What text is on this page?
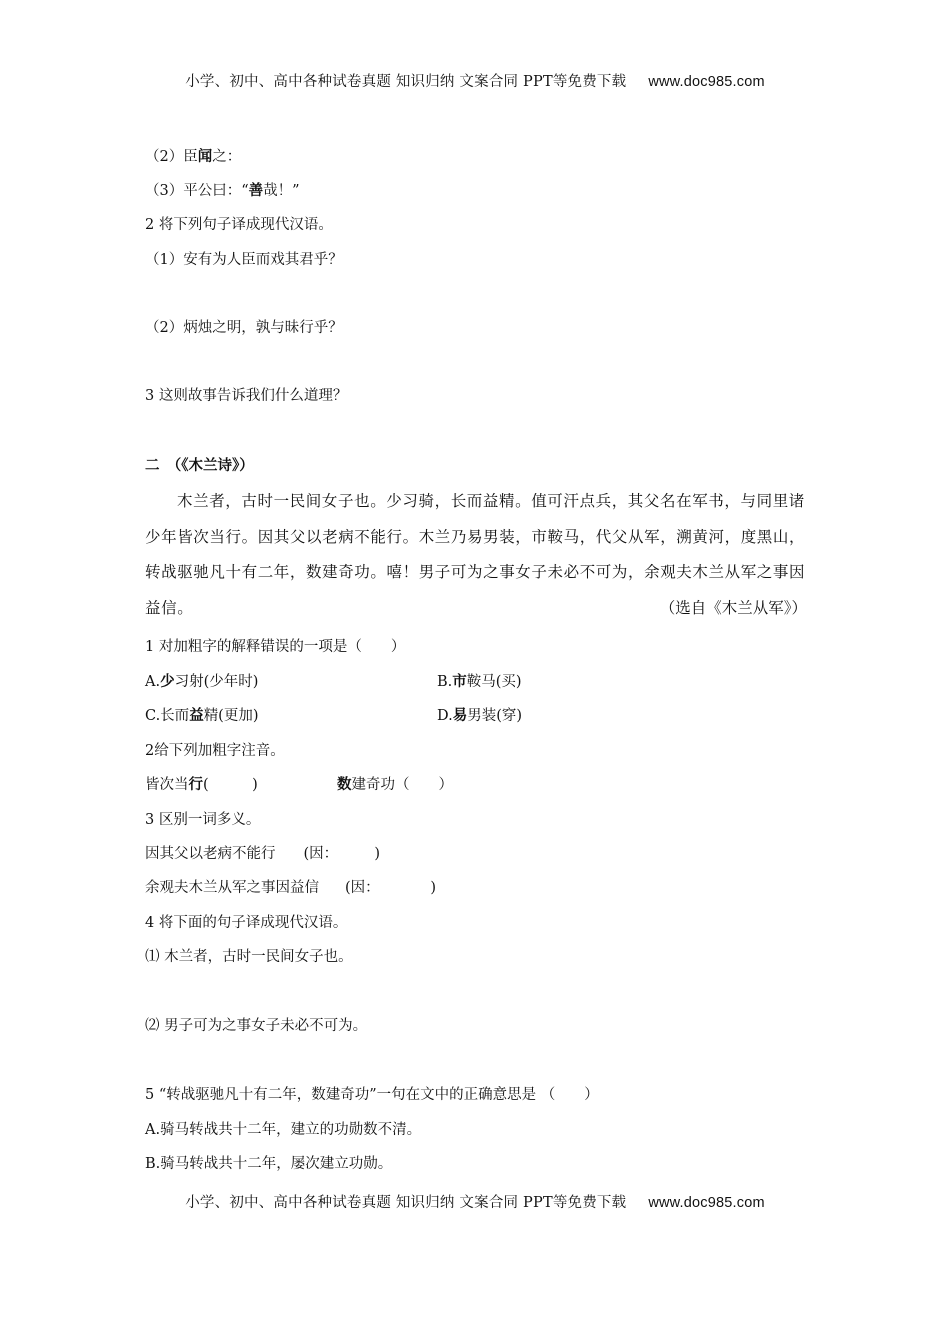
小学、初中、高中各种试卷真题 知识归纳 文案合同 PPT等免费下载 www.doc985.com
（2）臣闻之：
（3）平公曰：“善哉！”
2 将下列句子译成现代汉语。
（1）安有为人臣而戏其君乎？
（2）炳烛之明，孰与昧行乎？
3 这则故事告诉我们什么道理？
二　（《木兰诗》）
木兰者，古时一民间女子也。少习骑，长而益精。值可汗点兵，其父名在军书，与同里诸少年皆次当行。因其父以老病不能行。木兰乃易男装，市鞍马，代父从军，溯黄河，度黑山，转战驱驰凡十有二年，数建奇功。嘻！男子可为之事女子未必不可为，余观夫木兰从军之事因益信。	（选自《木兰从军》）
1 对加粗字的解释错误的一项是（　　）
A.少习射(少年时)	B.市鞍马(买)
C.长而益精(更加)	D.易男装(穿)
2给下列加粗字注音。
皆次当行(　　　)	数建奇功（　　）
3 区别一词多义。
因其父以老病不能行 (因：　　　)
余观夫木兰从军之事因益信 (因：　　　　)
4 将下面的句子译成现代汉语。
⑴ 木兰者，古时一民间女子也。
⑵ 男子可为之事女子未必不可为。
5 “转战驱驰凡十有二年，数建奇功”一句在文中的正确意思是 （　　）
A.骑马转战共十二年，建立的功勋数不清。
B.骑马转战共十二年，屡次建立功勋。
小学、初中、高中各种试卷真题 知识归纳 文案合同 PPT等免费下载 www.doc985.com
